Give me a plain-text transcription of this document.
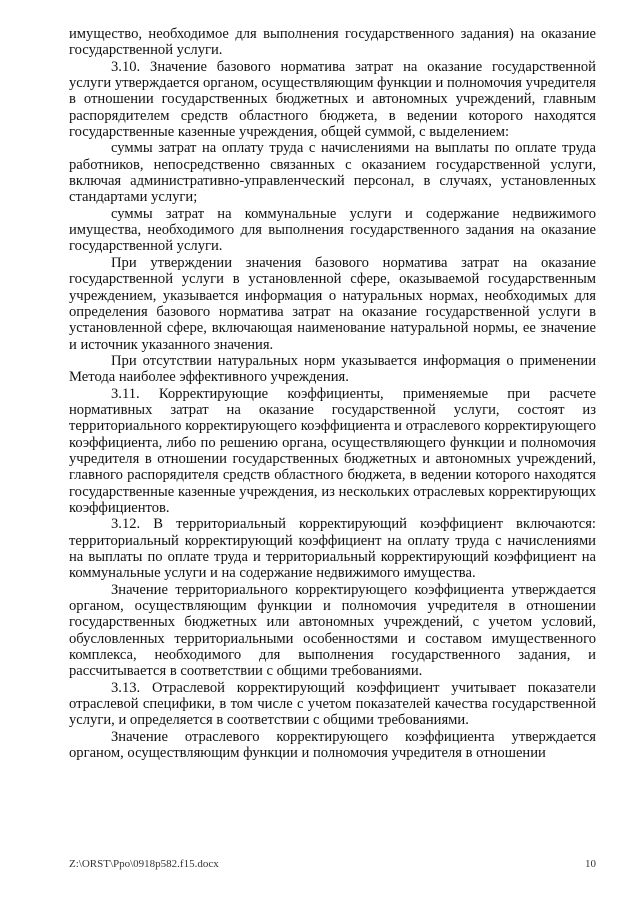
имущество, необходимое для выполнения государственного задания) на оказание государственной услуги.

3.10. Значение базового норматива затрат на оказание государственной услуги утверждается органом, осуществляющим функции и полномочия учредителя в отношении государственных бюджетных и автономных учреждений, главным распорядителем средств областного бюджета, в ведении которого находятся государственные казенные учреждения, общей суммой, с выделением:

суммы затрат на оплату труда с начислениями на выплаты по оплате труда работников, непосредственно связанных с оказанием государственной услуги, включая административно-управленческий персонал, в случаях, установленных стандартами услуги;

суммы затрат на коммунальные услуги и содержание недвижимого имущества, необходимого для выполнения государственного задания на оказание государственной услуги.

При утверждении значения базового норматива затрат на оказание государственной услуги в установленной сфере, оказываемой государственным учреждением, указывается информация о натуральных нормах, необходимых для определения базового норматива затрат на оказание государственной услуги в установленной сфере, включающая наименование натуральной нормы, ее значение и источник указанного значения.

При отсутствии натуральных норм указывается информация о применении Метода наиболее эффективного учреждения.

3.11. Корректирующие коэффициенты, применяемые при расчете нормативных затрат на оказание государственной услуги, состоят из территориального корректирующего коэффициента и отраслевого корректирующего коэффициента, либо по решению органа, осуществляющего функции и полномочия учредителя в отношении государственных бюджетных и автономных учреждений, главного распорядителя средств областного бюджета, в ведении которого находятся государственные казенные учреждения, из нескольких отраслевых корректирующих коэффициентов.

3.12. В территориальный корректирующий коэффициент включаются: территориальный корректирующий коэффициент на оплату труда с начислениями на выплаты по оплате труда и территориальный корректирующий коэффициент на коммунальные услуги и на содержание недвижимого имущества.

Значение территориального корректирующего коэффициента утверждается органом, осуществляющим функции и полномочия учредителя в отношении государственных бюджетных или автономных учреждений, с учетом условий, обусловленных территориальными особенностями и составом имущественного комплекса, необходимого для выполнения государственного задания, и рассчитывается в соответствии с общими требованиями.

3.13. Отраслевой корректирующий коэффициент учитывает показатели отраслевой специфики, в том числе с учетом показателей качества государственной услуги, и определяется в соответствии с общими требованиями.

Значение отраслевого корректирующего коэффициента утверждается органом, осуществляющим функции и полномочия учредителя в отношении

Z:\ORST\Ppo\0918p582.f15.docx	10
